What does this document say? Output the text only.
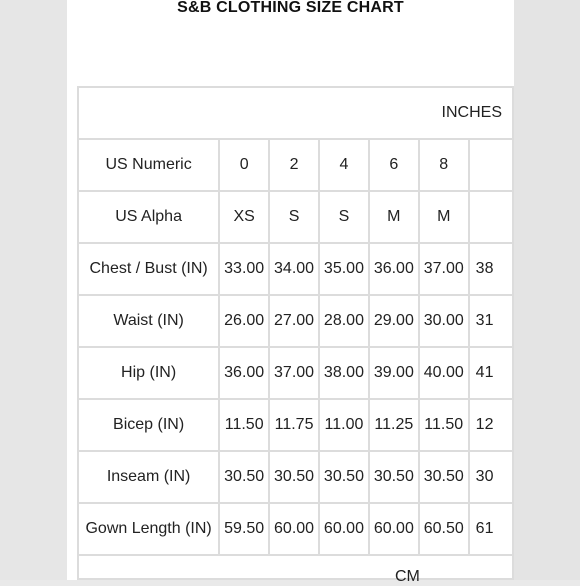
S&B CLOTHING SIZE CHART
INCHES						
US Numeric	0	2	4	6	8	
US Alpha	XS	S	S	M	M	
Chest / Bust (IN)	33.00	34.00	35.00	36.00	37.00	38
Waist (IN)	26.00	27.00	28.00	29.00	30.00	31
Hip (IN)	36.00	37.00	38.00	39.00	40.00	41
Bicep (IN)	11.50	11.75	11.00	11.25	11.50	12
Inseam (IN)	30.50	30.50	30.50	30.50	30.50	30
Gown Length (IN)	59.50	60.00	60.00	60.00	60.50	61

CM
